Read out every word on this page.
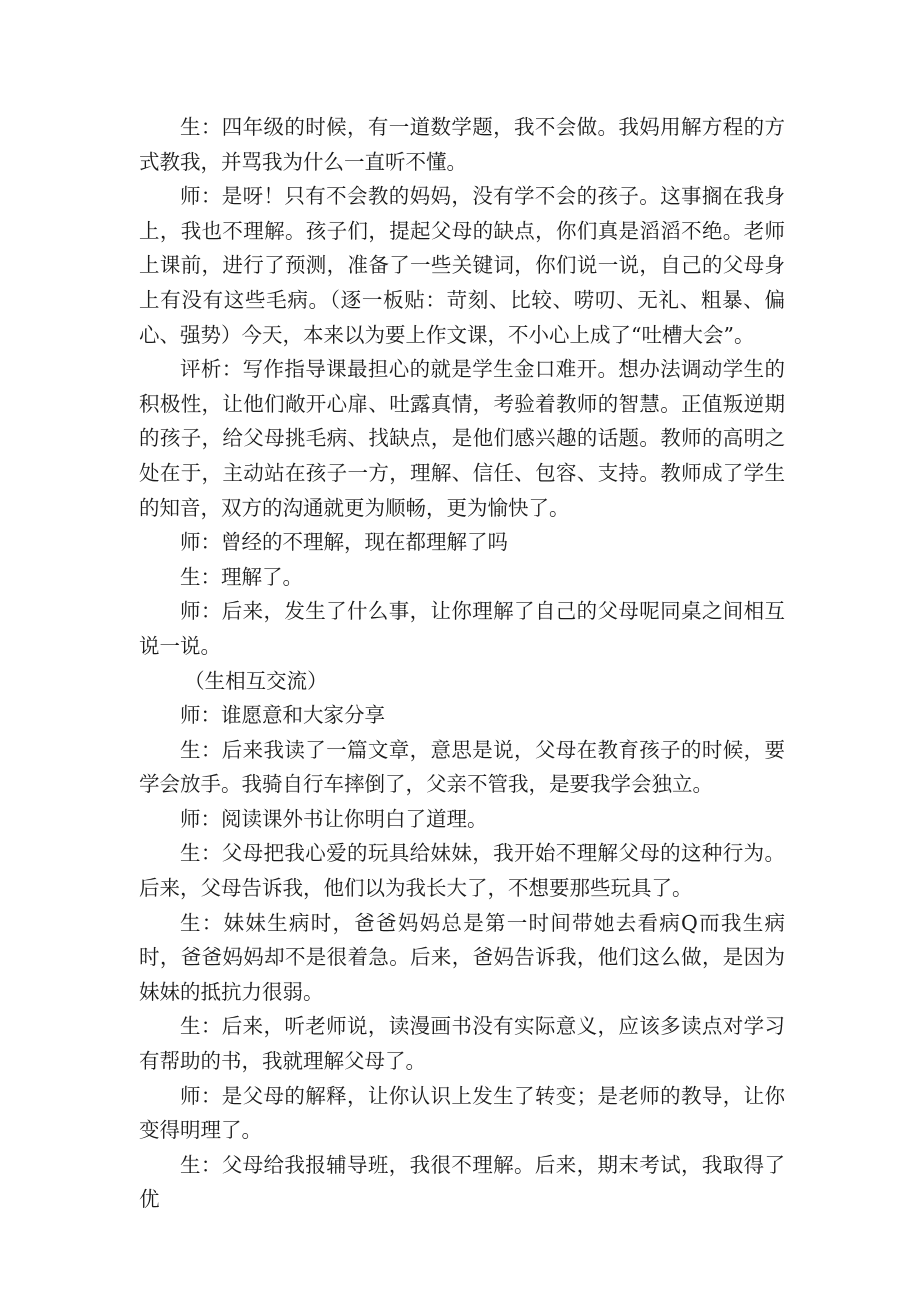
生：四年级的时候，有一道数学题，我不会做。我妈用解方程的方式教我，并骂我为什么一直听不懂。

师：是呀！只有不会教的妈妈，没有学不会的孩子。这事搁在我身上，我也不理解。孩子们，提起父母的缺点，你们真是滔滔不绝。老师上课前，进行了预测，准备了一些关键词，你们说一说，自己的父母身上有没有这些毛病。（逐一板贴：苛刻、比较、唠叨、无礼、粗暴、偏心、强势）今天，本来以为要上作文课，不小心上成了“吐槽大会”。

评析：写作指导课最担心的就是学生金口难开。想办法调动学生的积极性，让他们敞开心扉、吐露真情，考验着教师的智慧。正值叛逆期的孩子，给父母挑毛病、找缺点，是他们感兴趣的话题。教师的高明之处在于，主动站在孩子一方，理解、信任、包容、支持。教师成了学生的知音，双方的沟通就更为顺畅，更为愉快了。

师：曾经的不理解，现在都理解了吗

生：理解了。

师：后来，发生了什么事，让你理解了自己的父母呢同桌之间相互说一说。

（生相互交流）

师：谁愿意和大家分享

生：后来我读了一篇文章，意思是说，父母在教育孩子的时候，要学会放手。我骑自行车摔倒了，父亲不管我，是要我学会独立。

师：阅读课外书让你明白了道理。

生：父母把我心爱的玩具给妹妹，我开始不理解父母的这种行为。后来，父母告诉我，他们以为我长大了，不想要那些玩具了。

生：妹妹生病时，爸爸妈妈总是第一时间带她去看病Q而我生病时，爸爸妈妈却不是很着急。后来，爸妈告诉我，他们这么做，是因为妹妹的抵抗力很弱。

生：后来，听老师说，读漫画书没有实际意义，应该多读点对学习有帮助的书，我就理解父母了。

师：是父母的解释，让你认识上发生了转变；是老师的教导，让你变得明理了。

生：父母给我报辅导班，我很不理解。后来，期末考试，我取得了优
